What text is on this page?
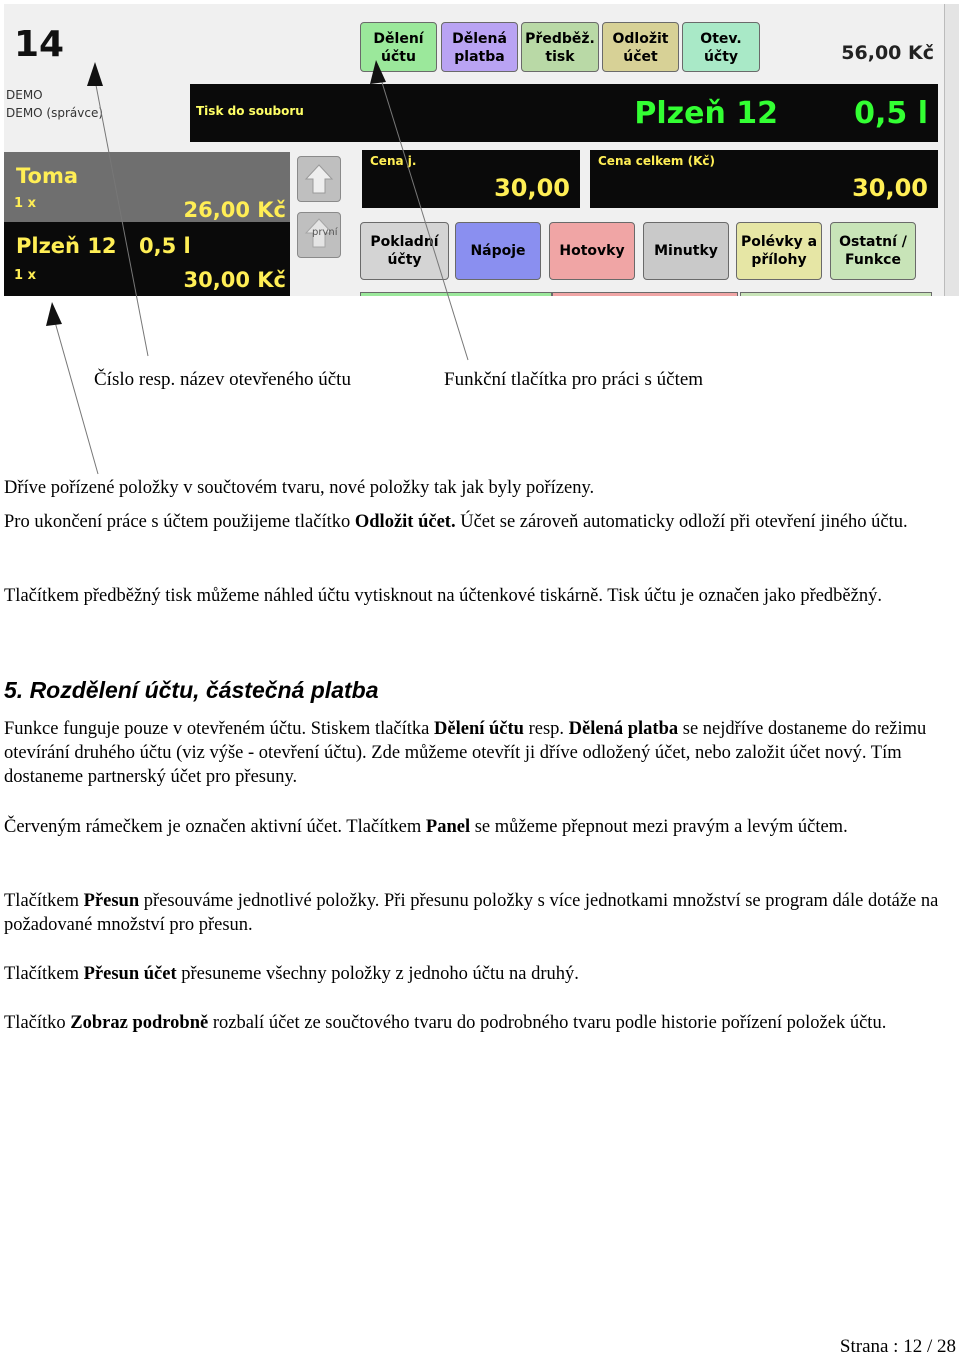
14
DEMO
DEMO (správce)
Dělení
účtu
Dělená
platba
Předběž.
tisk
Odložit
účet
Otev.
účty	56,00 Kč
Tisk do souboru	Plzeň 12	0,5 l
Toma
1 x	26,00 Kč
Plzeň 12 0,5 l
1 x	30,00 Kč
první
Cena j.
30,00
Cena celkem (Kč)
30,00
Pokladní
účty
Nápoje	Hotovky	Minutky
Polévky a
přílohy
Ostatní /
Funkce
Číslo resp. název otevřeného účtu	Funkční tlačítka pro práci s účtem
Dříve pořízené položky v součtovém tvaru, nové položky tak jak byly pořízeny.
Pro ukončení práce s účtem použijeme tlačítko Odložit účet. Účet se zároveň automaticky odloží při otevření jiného účtu.
Tlačítkem předběžný tisk můžeme náhled účtu vytisknout na účtenkové tiskárně. Tisk účtu je označen jako předběžný.
5. Rozdělení účtu, částečná platba
Funkce funguje pouze v otevřeném účtu. Stiskem tlačítka Dělení účtu resp. Dělená platba se nejdříve dostaneme do režimu otevírání druhého účtu (viz výše - otevření účtu). Zde můžeme otevřít ji dříve odložený účet, nebo založit účet nový. Tím dostaneme partnerský účet pro přesuny.
Červeným rámečkem je označen aktivní účet. Tlačítkem Panel se můžeme přepnout mezi pravým a levým účtem.
Tlačítkem Přesun přesouváme jednotlivé položky. Při přesunu položky s více jednotkami množství se program dále dotáže na požadované množství pro přesun.
Tlačítkem Přesun účet přesuneme všechny položky z jednoho účtu na druhý.
Tlačítko Zobraz podrobně rozbalí účet ze součtového tvaru do podrobného tvaru podle historie pořízení položek účtu.
Strana : 12 / 28
